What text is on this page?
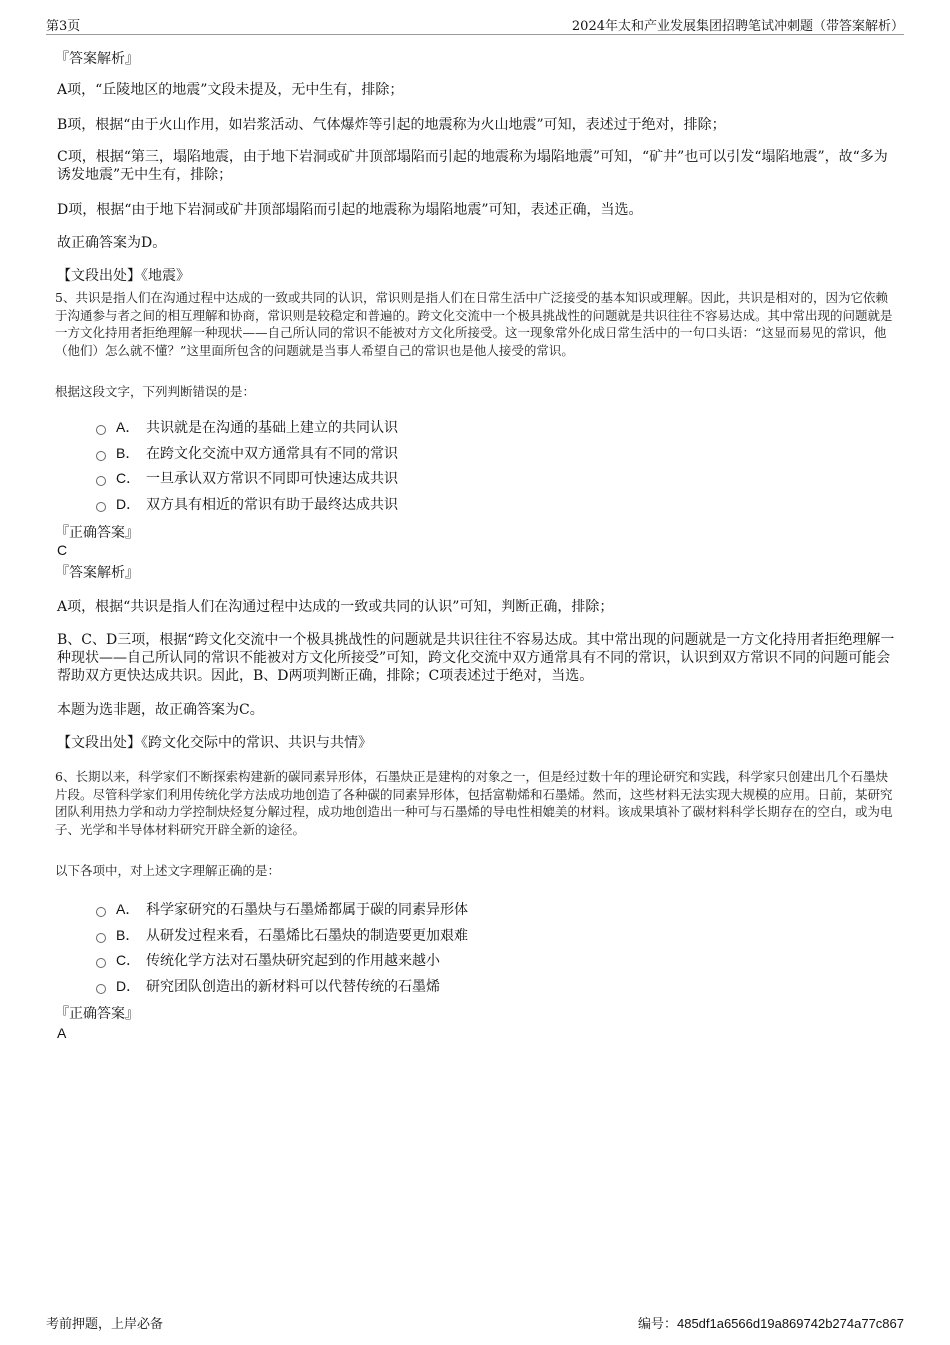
第3页	2024年太和产业发展集团招聘笔试冲刺题（带答案解析）
『答案解析』
A项，“丘陵地区的地震”文段未提及，无中生有，排除；
B项，根据“由于火山作用，如岩浆活动、气体爆炸等引起的地震称为火山地震”可知，表述过于绝对，排除；
C项，根据“第三，塌陷地震，由于地下岩洞或矿井顶部塌陷而引起的地震称为塌陷地震”可知，“矿井”也可以引发“塌陷地震”，故“多为诱发地震”无中生有，排除；
D项，根据“由于地下岩洞或矿井顶部塌陷而引起的地震称为塌陷地震”可知，表述正确，当选。
故正确答案为D。
【文段出处】《地震》
5、共识是指人们在沟通过程中达成的一致或共同的认识，常识则是指人们在日常生活中广泛接受的基本知识或理解。因此，共识是相对的，因为它依赖于沟通参与者之间的相互理解和协商，常识则是较稳定和普遍的。跨文化交流中一个极具挑战性的问题就是共识往往不容易达成。其中常出现的问题就是一方文化持用者拒绝理解一种现状——自己所认同的常识不能被对方文化所接受。这一现象常外化成日常生活中的一句口头语：“这显而易见的常识，他（他们）怎么就不懂？”这里面所包含的问题就是当事人希望自己的常识也是他人接受的常识。
根据这段文字，下列判断错误的是：
A． 共识就是在沟通的基础上建立的共同认识
B． 在跨文化交流中双方通常具有不同的常识
C． 一旦承认双方常识不同即可快速达成共识
D． 双方具有相近的常识有助于最终达成共识
『正确答案』
C
『答案解析』
A项，根据“共识是指人们在沟通过程中达成的一致或共同的认识”可知，判断正确，排除；
B、C、D三项，根据“跨文化交流中一个极具挑战性的问题就是共识往往不容易达成。其中常出现的问题就是一方文化持用者拒绝理解一种现状——自己所认同的常识不能被对方文化所接受”可知，跨文化交流中双方通常具有不同的常识，认识到双方常识不同的问题可能会帮助双方更快达成共识。因此，B、D两项判断正确，排除；C项表述过于绝对，当选。
本题为选非题，故正确答案为C。
【文段出处】《跨文化交际中的常识、共识与共情》
6、长期以来，科学家们不断探索构建新的碳同素异形体，石墨炔正是建构的对象之一，但是经过数十年的理论研究和实践，科学家只创建出几个石墨炔片段。尽管科学家们利用传统化学方法成功地创造了各种碳的同素异形体，包括富勒烯和石墨烯。然而，这些材料无法实现大规模的应用。日前，某研究团队利用热力学和动力学控制炔烃复分解过程，成功地创造出一种可与石墨烯的导电性相媲美的材料。该成果填补了碳材料科学长期存在的空白，或为电子、光学和半导体材料研究开辟全新的途径。
以下各项中，对上述文字理解正确的是：
A． 科学家研究的石墨炔与石墨烯都属于碳的同素异形体
B． 从研发过程来看，石墨烯比石墨炔的制造要更加艰难
C． 传统化学方法对石墨炔研究起到的作用越来越小
D． 研究团队创造出的新材料可以代替传统的石墨烯
『正确答案』
A
考前押题，上岸必备	编号：485df1a6566d19a869742b274a77c867
